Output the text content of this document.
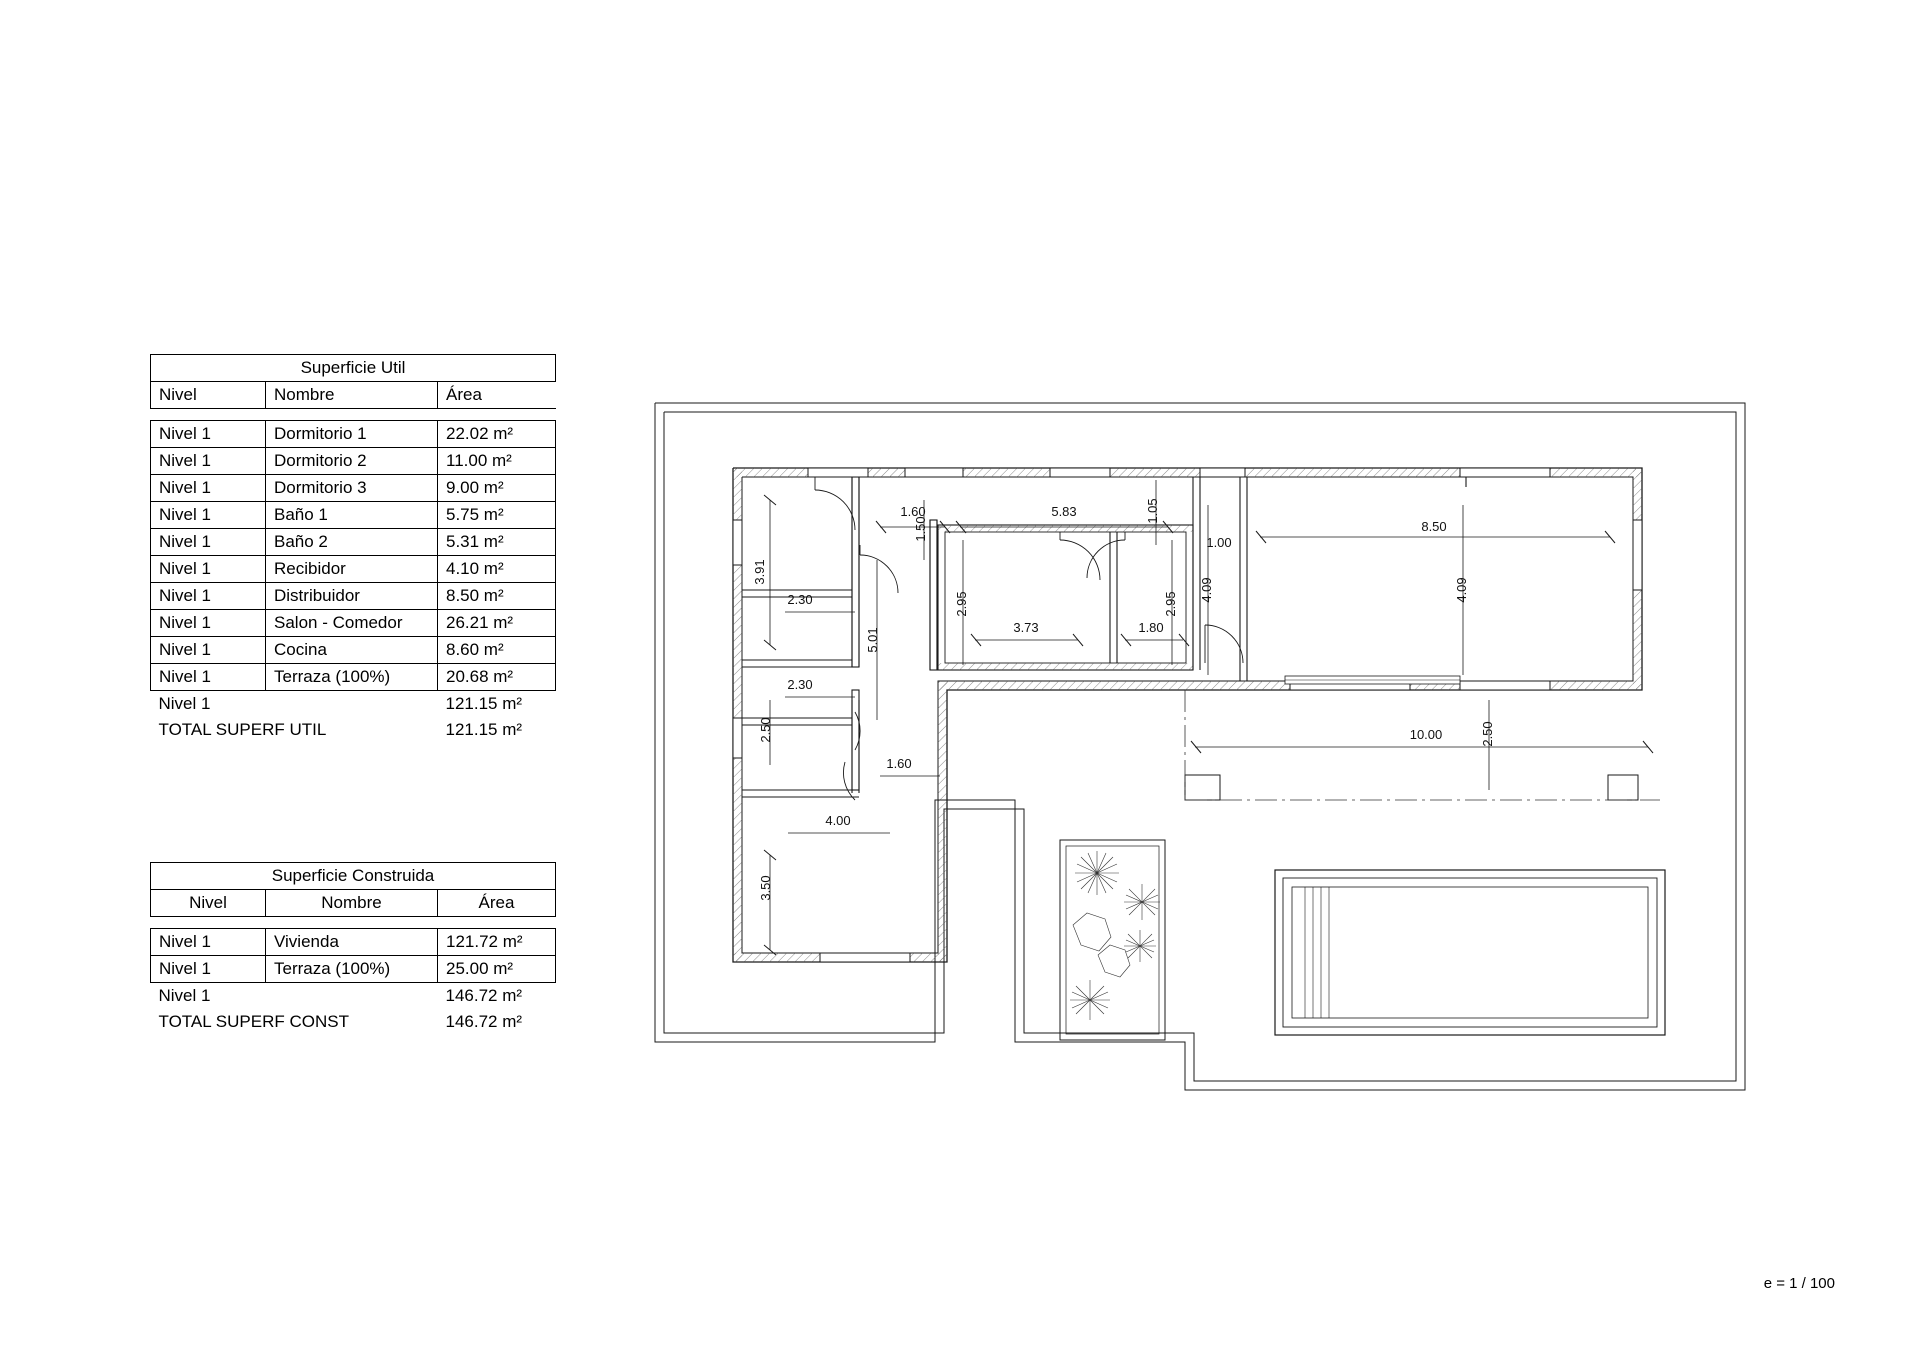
Superficie Util		
Nivel	Nombre	Área

Nivel 1	Dormitorio 1	22.02 m²
Nivel 1	Dormitorio 2	11.00 m²
Nivel 1	Dormitorio 3	9.00 m²
Nivel 1	Baño 1	5.75 m²
Nivel 1	Baño 2	5.31 m²
Nivel 1	Recibidor	4.10 m²
Nivel 1	Distribuidor	8.50 m²
Nivel 1	Salon - Comedor	26.21 m²
Nivel 1	Cocina	8.60 m²
Nivel 1	Terraza (100%)	20.68 m²
Nivel 1		121.15 m²
TOTAL SUPERF UTIL		121.15 m²
Superficie Construida		
Nivel	Nombre	Área

Nivel 1	Vivienda	121.72 m²
Nivel 1	Terraza (100%)	25.00 m²
Nivel 1		146.72 m²
TOTAL SUPERF CONST		146.72 m²
1.60
1.50
5.83	1.05
8.50
1.00
4.09	4.09
3.91
2.30	2.95
3.73	1.80
2.95
5.01
2.30
2.50
1.60
4.00
3.50
10.00	2.50
e = 1 / 100
